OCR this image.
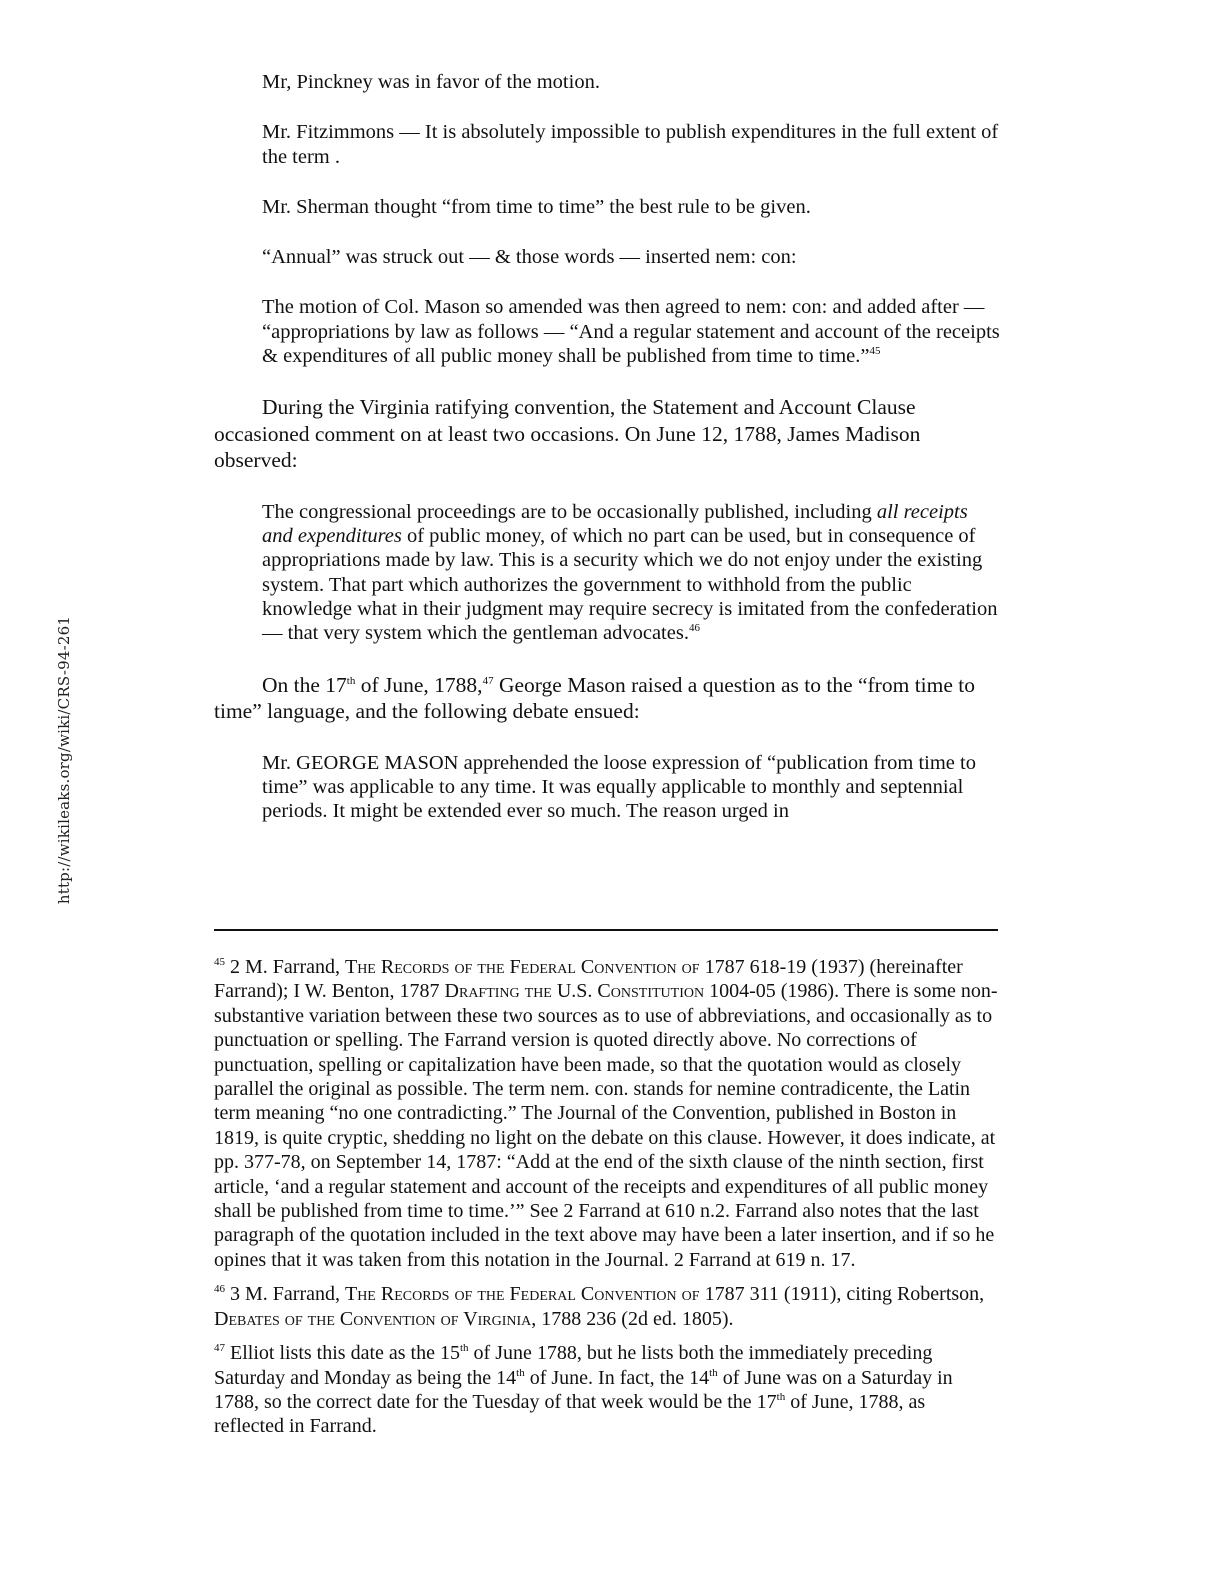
http://wikileaks.org/wiki/CRS-94-261

Mr, Pinckney was in favor of the motion.

Mr. Fitzimmons — It is absolutely impossible to publish expenditures in the full extent of the term .

Mr. Sherman thought “from time to time” the best rule to be given.

“Annual” was struck out — & those words — inserted nem: con:

The motion of Col. Mason so amended was then agreed to nem: con: and added after — “appropriations by law as follows — “And a regular statement and account of the receipts & expenditures of all public money shall be published from time to time.”$^{45}$

During the Virginia ratifying convention, the Statement and Account Clause occasioned comment on at least two occasions. On June 12, 1788, James Madison observed:

The congressional proceedings are to be occasionally published, including all receipts and expenditures of public money, of which no part can be used, but in consequence of appropriations made by law. This is a security which we do not enjoy under the existing system. That part which authorizes the government to withhold from the public knowledge what in their judgment may require secrecy is imitated from the confederation — that very system which the gentleman advocates.$^{46}$

On the 17th of June, 1788,47 George Mason raised a question as to the “from time to time” language, and the following debate ensued:

Mr. GEORGE MASON apprehended the loose expression of “publication from time to time” was applicable to any time. It was equally applicable to monthly and septennial periods. It might be extended ever so much. The reason urged in

$^{45}$ 2 M. Farrand, The Records of the Federal Convention of 1787 618-19 (1937) (hereinafter Farrand); I W. Benton, 1787 Drafting the U.S. Constitution 1004-05 (1986). There is some non-substantive variation between these two sources as to use of abbreviations, and occasionally as to punctuation or spelling. The Farrand version is quoted directly above. No corrections of punctuation, spelling or capitalization have been made, so that the quotation would as closely parallel the original as possible. The term nem. con. stands for nemine contradicente, the Latin term meaning “no one contradicting.” The Journal of the Convention, published in Boston in 1819, is quite cryptic, shedding no light on the debate on this clause. However, it does indicate, at pp. 377-78, on September 14, 1787: “Add at the end of the sixth clause of the ninth section, first article, ‘and a regular statement and account of the receipts and expenditures of all public money shall be published from time to time.’” See 2 Farrand at 610 n.2. Farrand also notes that the last paragraph of the quotation included in the text above may have been a later insertion, and if so he opines that it was taken from this notation in the Journal. 2 Farrand at 619 n. 17.

$^{46}$ 3 M. Farrand, The Records of the Federal Convention of 1787 311 (1911), citing Robertson, Debates of the Convention of Virginia, 1788 236 (2d ed. 1805).

$^{47}$ Elliot lists this date as the 15th of June 1788, but he lists both the immediately preceding Saturday and Monday as being the 14th of June. In fact, the 14th of June was on a Saturday in 1788, so the correct date for the Tuesday of that week would be the 17th of June, 1788, as reflected in Farrand.
